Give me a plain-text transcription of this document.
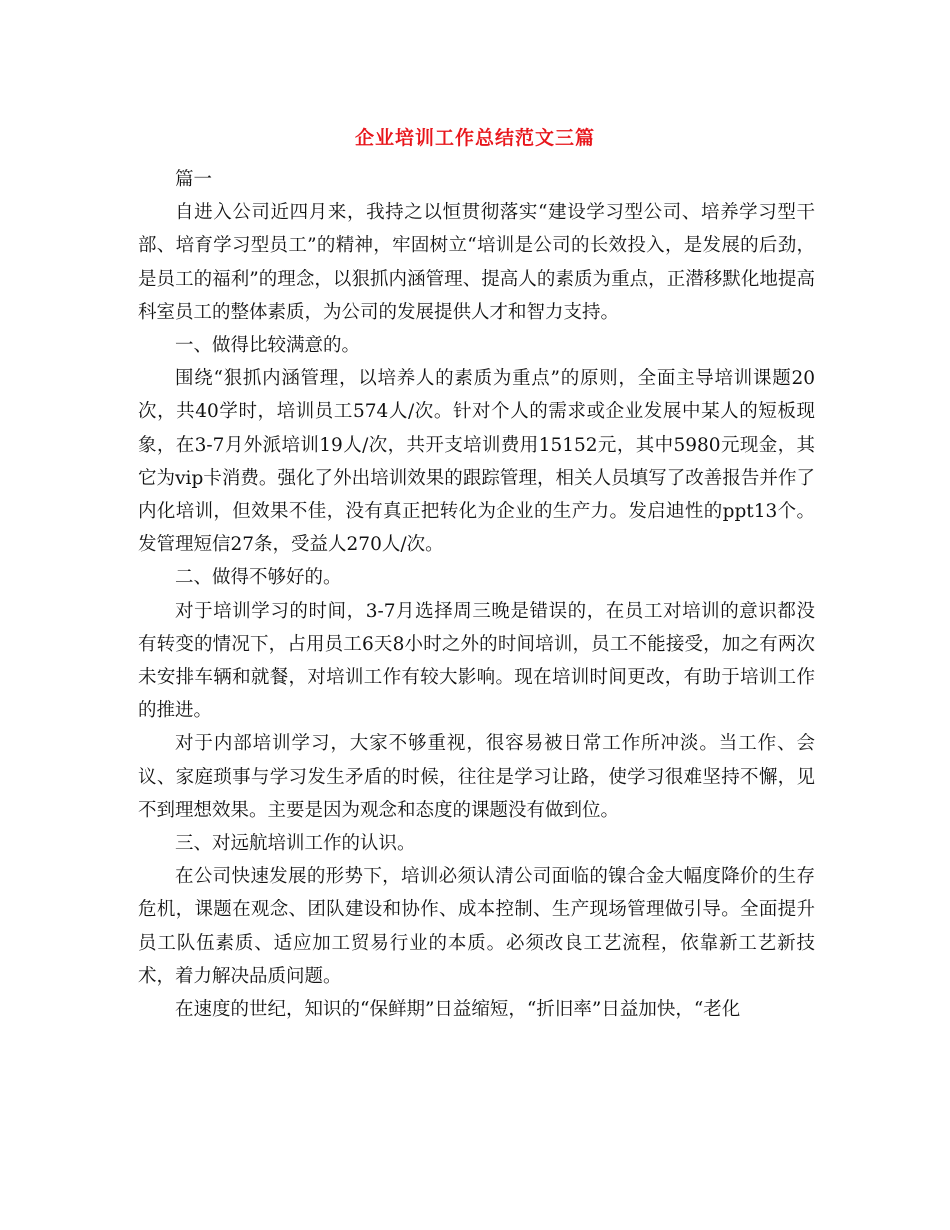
企业培训工作总结范文三篇

篇一

自进入公司近四月来，我持之以恒贯彻落实“建设学习型公司、培养学习型干部、培育学习型员工”的精神，牢固树立“培训是公司的长效投入，是发展的后劲，是员工的福利”的理念，以狠抓内涵管理、提高人的素质为重点，正潜移默化地提高科室员工的整体素质，为公司的发展提供人才和智力支持。

一、做得比较满意的。

围绕“狠抓内涵管理，以培养人的素质为重点”的原则，全面主导培训课题20次，共40学时，培训员工574人/次。针对个人的需求或企业发展中某人的短板现象，在3-7月外派培训19人/次，共开支培训费用15152元，其中5980元现金，其它为vip卡消费。强化了外出培训效果的跟踪管理，相关人员填写了改善报告并作了内化培训，但效果不佳，没有真正把转化为企业的生产力。发启迪性的ppt13个。发管理短信27条，受益人270人/次。

二、做得不够好的。

对于培训学习的时间，3-7月选择周三晚是错误的，在员工对培训的意识都没有转变的情况下，占用员工6天8小时之外的时间培训，员工不能接受，加之有两次未安排车辆和就餐，对培训工作有较大影响。现在培训时间更改，有助于培训工作的推进。

对于内部培训学习，大家不够重视，很容易被日常工作所冲淡。当工作、会议、家庭琐事与学习发生矛盾的时候，往往是学习让路，使学习很难坚持不懈，见不到理想效果。主要是因为观念和态度的课题没有做到位。

三、对远航培训工作的认识。

在公司快速发展的形势下，培训必须认清公司面临的镍合金大幅度降价的生存危机，课题在观念、团队建设和协作、成本控制、生产现场管理做引导。全面提升员工队伍素质、适应加工贸易行业的本质。必须改良工艺流程，依靠新工艺新技术，着力解决品质问题。

在速度的世纪，知识的“保鲜期”日益缩短，“折旧率”日益加快，“老化
